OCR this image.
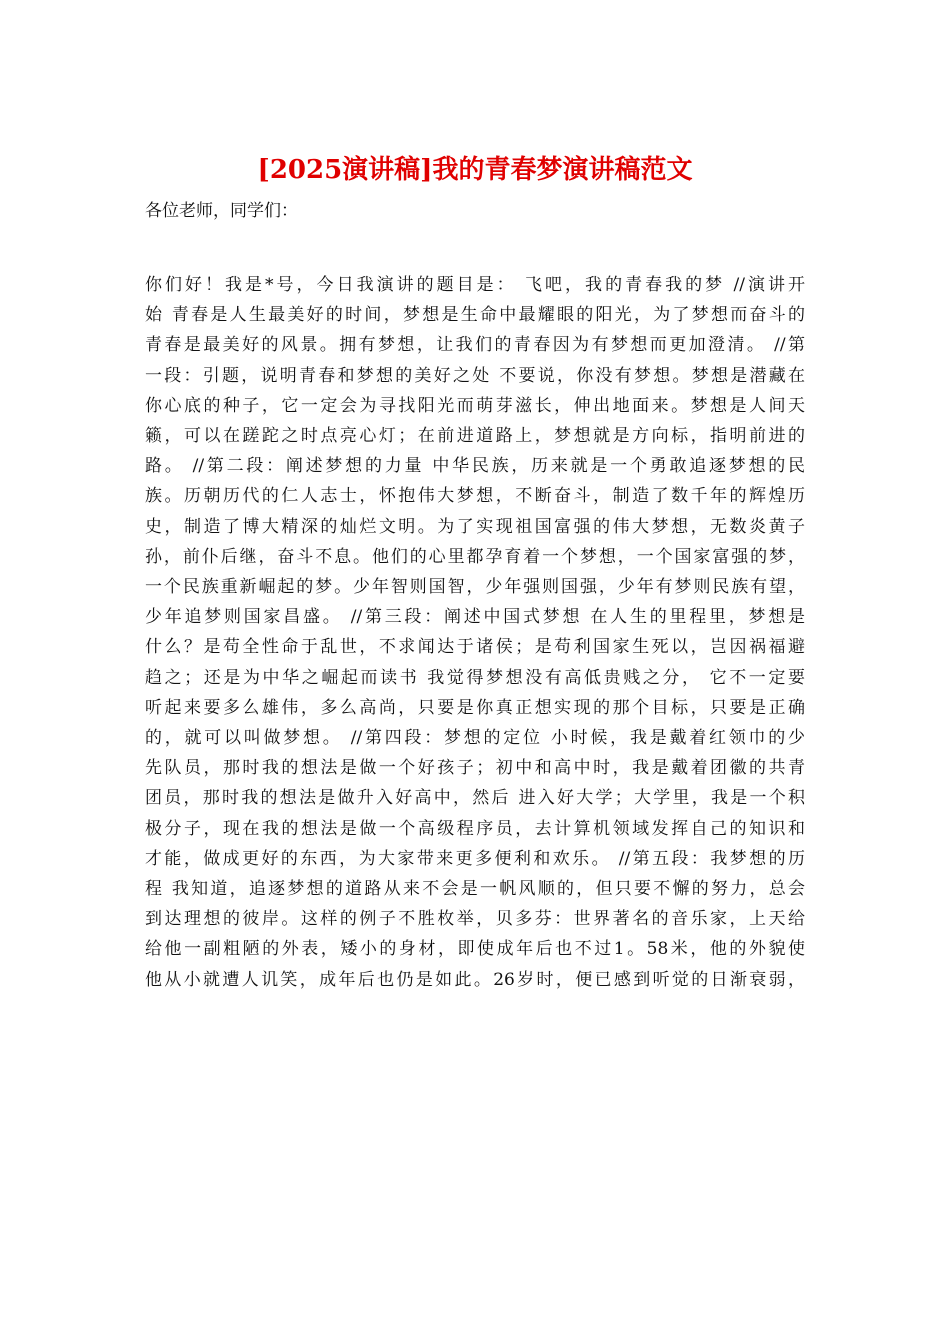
[2025演讲稿]我的青春梦演讲稿范文

各位老师，同学们：

你们好！我是*号，今日我演讲的题目是： 飞吧，我的青春我的梦 //演讲开
始 青春是人生最美好的时间，梦想是生命中最耀眼的阳光，为了梦想而奋斗的
青春是最美好的风景。拥有梦想，让我们的青春因为有梦想而更加澄清。 //第
一段：引题，说明青春和梦想的美好之处 不要说，你没有梦想。梦想是潜藏在
你心底的种子，它一定会为寻找阳光而萌芽滋长，伸出地面来。梦想是人间天
籁，可以在蹉跎之时点亮心灯；在前进道路上，梦想就是方向标，指明前进的
路。 //第二段：阐述梦想的力量 中华民族，历来就是一个勇敢追逐梦想的民
族。历朝历代的仁人志士，怀抱伟大梦想，不断奋斗，制造了数千年的辉煌历
史，制造了博大精深的灿烂文明。为了实现祖国富强的伟大梦想，无数炎黄子
孙，前仆后继，奋斗不息。他们的心里都孕育着一个梦想，一个国家富强的梦，
一个民族重新崛起的梦。少年智则国智，少年强则国强，少年有梦则民族有望，
少年追梦则国家昌盛。 //第三段：阐述中国式梦想 在人生的里程里，梦想是
什么？是苟全性命于乱世，不求闻达于诸侯；是苟利国家生死以，岂因祸福避
趋之；还是为中华之崛起而读书 我觉得梦想没有高低贵贱之分， 它不一定要
听起来要多么雄伟，多么高尚，只要是你真正想实现的那个目标，只要是正确
的，就可以叫做梦想。 //第四段：梦想的定位 小时候，我是戴着红领巾的少
先队员，那时我的想法是做一个好孩子；初中和高中时，我是戴着团徽的共青
团员，那时我的想法是做升入好高中，然后 进入好大学；大学里，我是一个积
极分子，现在我的想法是做一个高级程序员，去计算机领域发挥自己的知识和
才能，做成更好的东西，为大家带来更多便利和欢乐。 //第五段：我梦想的历
程 我知道，追逐梦想的道路从来不会是一帆风顺的，但只要不懈的努力，总会
到达理想的彼岸。这样的例子不胜枚举，贝多芬：世界著名的音乐家，上天给
给他一副粗陋的外表，矮小的身材，即使成年后也不过1。58米，他的外貌使
他从小就遭人讥笑，成年后也仍是如此。26岁时，便已感到听觉的日渐衰弱，
